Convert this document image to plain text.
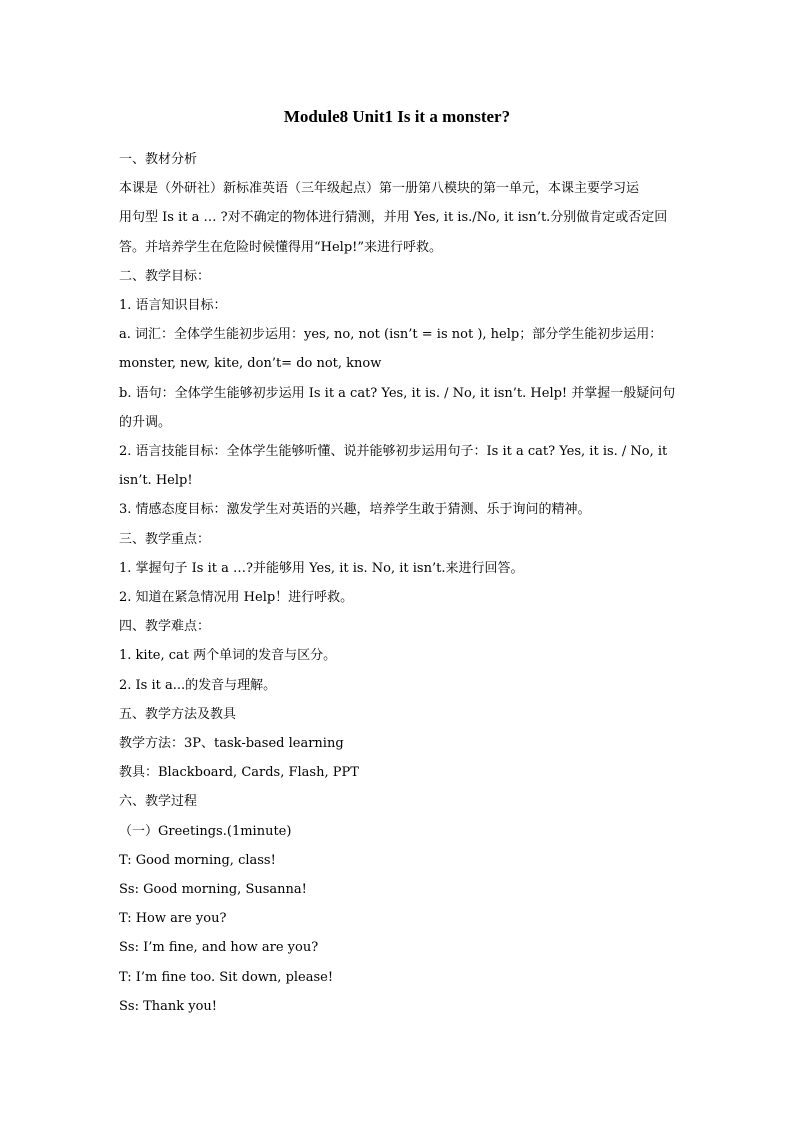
Module8 Unit1 Is it a monster?

一、教材分析

本课是（外研社）新标准英语（三年级起点）第一册第八模块的第一单元，本课主要学习运

用句型 Is it a … ?对不确定的物体进行猜测，并用 Yes, it is./No, it isn’t.分别做肯定或否定回

答。并培养学生在危险时候懂得用“Help!”来进行呼救。

二、教学目标：

1. 语言知识目标：

a. 词汇：全体学生能初步运用：yes, no, not (isn’t = is not ), help；部分学生能初步运用：

monster, new, kite, don’t= do not, know

b. 语句：全体学生能够初步运用 Is it a cat? Yes, it is. / No, it isn’t. Help! 并掌握一般疑问句

的升调。

2. 语言技能目标：全体学生能够听懂、说并能够初步运用句子：Is it a cat? Yes, it is. / No, it

isn’t. Help!

3. 情感态度目标：激发学生对英语的兴趣，培养学生敢于猜测、乐于询问的精神。

三、教学重点：

1. 掌握句子 Is it a …?并能够用 Yes, it is. No, it isn’t.来进行回答。

2. 知道在紧急情况用 Help！进行呼救。

四、教学难点：

1. kite, cat 两个单词的发音与区分。

2. Is it a...的发音与理解。

五、教学方法及教具

教学方法：3P、task-based learning

教具：Blackboard, Cards, Flash, PPT

六、教学过程

（一）Greetings.(1minute)

T: Good morning, class!

Ss: Good morning, Susanna!

T: How are you?

Ss: I’m fine, and how are you?

T: I’m fine too. Sit down, please!

Ss: Thank you!
